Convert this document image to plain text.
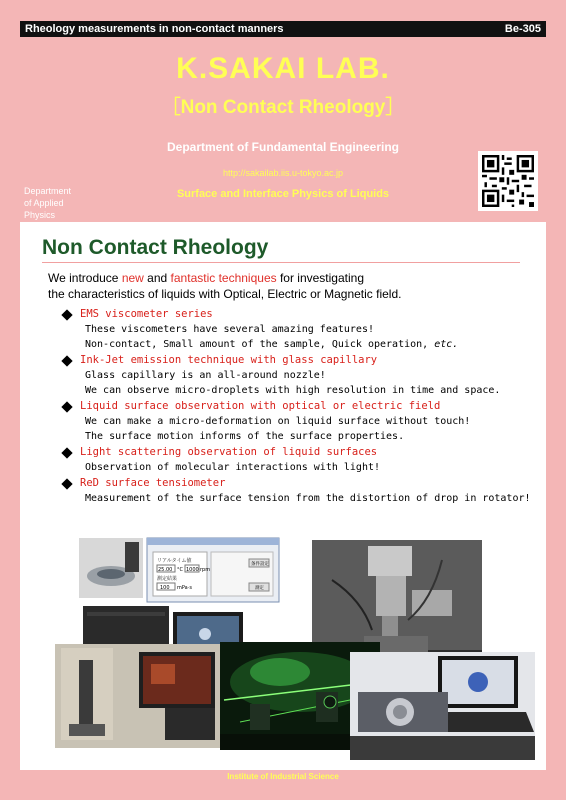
Rheology measurements in non-contact manners	Be-305
K.SAKAI LAB.
［Non Contact Rheology］
Department of Fundamental Engineering
http://sakailab.iis.u-tokyo.ac.jp
Surface and Interface Physics of Liquids
Department
of Applied
Physics
Non Contact Rheology
We introduce new and fantastic techniques for investigating
the characteristics of liquids with Optical, Electric or Magnetic field.
EMS viscometer series
These viscometers have several amazing features!
Non-contact, Small amount of the sample, Quick operation, etc.
Ink-Jet emission technique with glass capillary
Glass capillary is an all-around nozzle!
We can observe micro-droplets with high resolution in time and space.
Liquid surface observation with optical or electric field
We can make a micro-deformation on liquid surface without touch!
The surface motion informs of the surface properties.
Light scattering observation of liquid surfaces
Observation of molecular interactions with light!
ReD surface tensiometer
Measurement of the surface tension from the distortion of drop in rotator!
リアルタイム値
25.00 °C 1000 rpm
測定結果
100 mPa·s
条件設定
測定
Institute of Industrial Science
